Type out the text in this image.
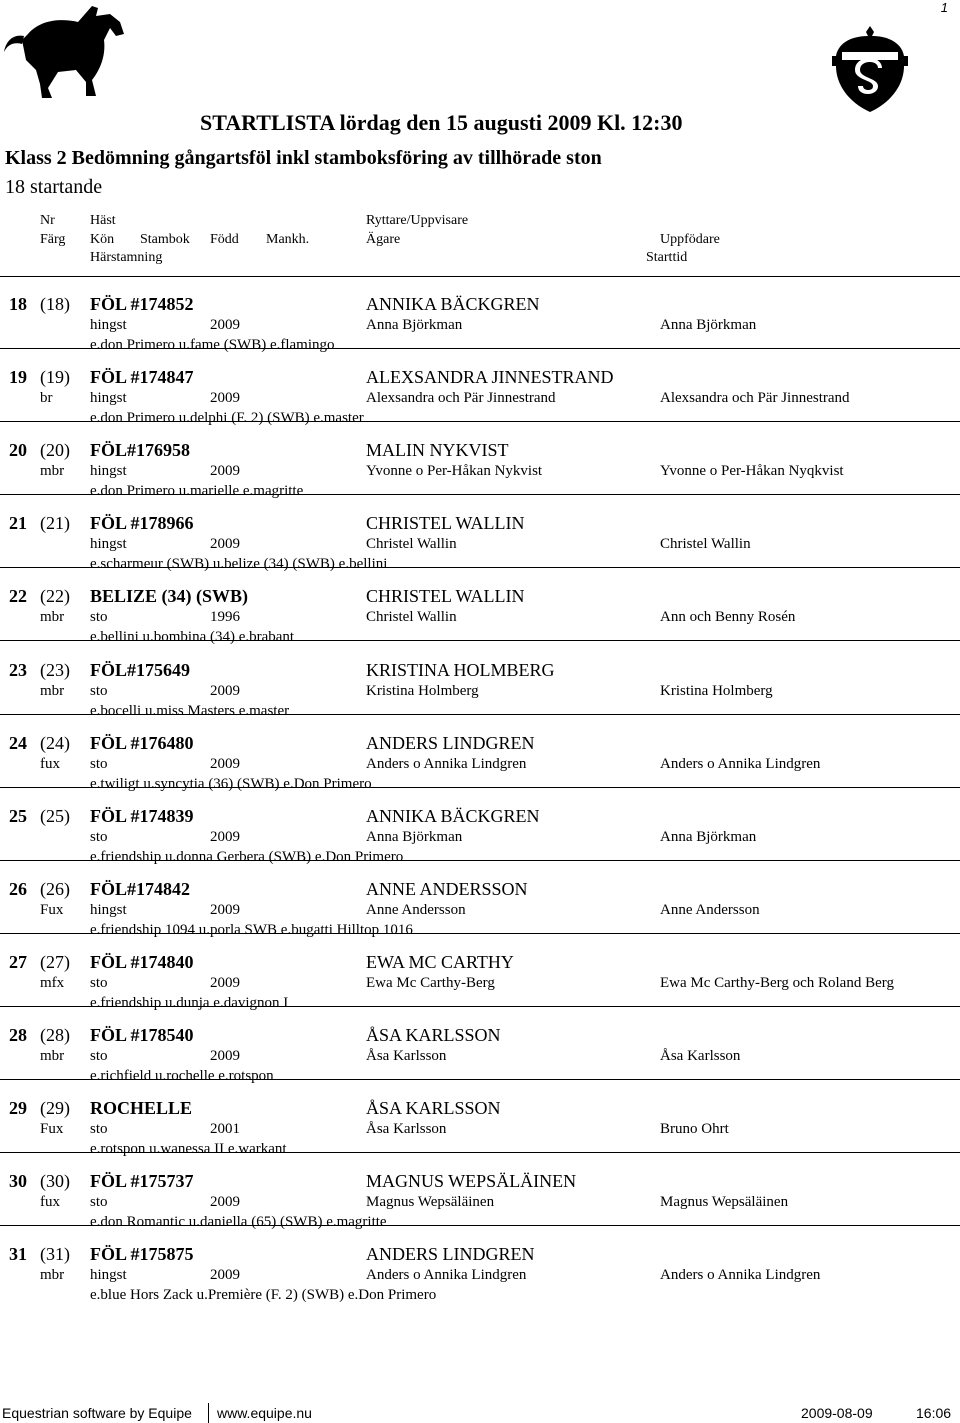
1
STARTLISTA lördag den 15 augusti 2009 Kl. 12:30
Klass 2 Bedömning gångartsföl inkl stamboksföring av tillhörade ston
18 startande
Nr	Häst	Ryttare/Uppvisare
Färg Kön Stambok Född Mankh.	Ägare	Uppfödare
Härstamning	Starttid
18 (18) FÖL #174852	ANNIKA BÄCKGREN
hingst	2009	Anna Björkman	Anna Björkman
e.don Primero u.fame (SWB) e.flamingo
19 (19) FÖL #174847	ALEXSANDRA JINNESTRAND
br	hingst	2009	Alexsandra och Pär Jinnestrand	Alexsandra och Pär Jinnestrand
e.don Primero u.delphi (F. 2) (SWB) e.master
20 (20) FÖL#176958	MALIN NYKVIST
mbr hingst	2009	Yvonne o Per-Håkan Nykvist	Yvonne o Per-Håkan Nyqkvist
e.don Primero u.marielle e.magritte
21 (21) FÖL #178966	CHRISTEL WALLIN
hingst	2009	Christel Wallin	Christel Wallin
e.scharmeur (SWB) u.belize (34) (SWB) e.bellini
22 (22) BELIZE (34) (SWB)	CHRISTEL WALLIN
mbr sto	1996	Christel Wallin	Ann och Benny Rosén
e.bellini u.bombina (34) e.brabant
23 (23) FÖL#175649	KRISTINA HOLMBERG
mbr sto	2009	Kristina Holmberg	Kristina Holmberg
e.bocelli u.miss Masters e.master
24 (24) FÖL #176480	ANDERS LINDGREN
fux sto	2009	Anders o Annika Lindgren	Anders o Annika Lindgren
e.twiligt u.syncytia (36) (SWB) e.Don Primero
25 (25) FÖL #174839	ANNIKA BÄCKGREN
sto	2009	Anna Björkman	Anna Björkman
e.friendship u.donna Gerbera (SWB) e.Don Primero
26 (26) FÖL#174842	ANNE ANDERSSON
Fux hingst	2009	Anne Andersson	Anne Andersson
e.friendship 1094 u.porla SWB e.bugatti Hilltop 1016
27 (27) FÖL #174840	EWA MC CARTHY
mfx sto	2009	Ewa Mc Carthy-Berg	Ewa Mc Carthy-Berg och Roland Berg
e.friendship u.dunja e.davignon I
28 (28) FÖL #178540	ÅSA KARLSSON
mbr sto	2009	Åsa Karlsson	Åsa Karlsson
e.richfield u.rochelle e.rotspon
29 (29) ROCHELLE	ÅSA KARLSSON
Fux sto	2001	Åsa Karlsson	Bruno Ohrt
e.rotspon u.wanessa II e.warkant
30 (30) FÖL #175737	MAGNUS WEPSÄLÄINEN
fux sto	2009	Magnus Wepsäläinen	Magnus Wepsäläinen
e.don Romantic u.daniella (65) (SWB) e.magritte
31 (31) FÖL #175875	ANDERS LINDGREN
mbr hingst	2009	Anders o Annika Lindgren	Anders o Annika Lindgren
e.blue Hors Zack u.Première (F. 2) (SWB) e.Don Primero
Equestrian software by Equipe www.equipe.nu	2009-08-09	16:06
